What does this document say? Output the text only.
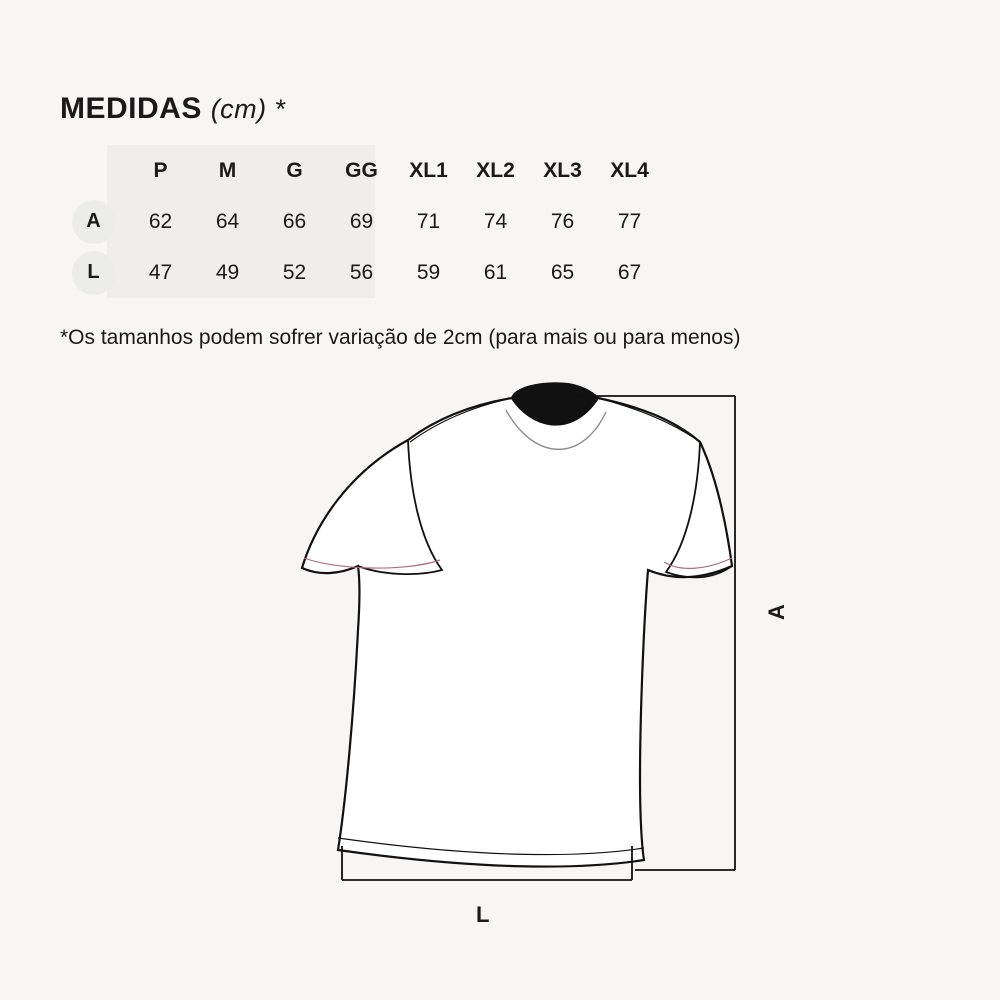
MEDIDAS (cm) *
	P	M	G	GG	XL1	XL2	XL3	XL4
A	62	64	66	69	71	74	76	77
L	47	49	52	56	59	61	65	67
*Os tamanhos podem sofrer variação de 2cm (para mais ou para menos)
A
L
